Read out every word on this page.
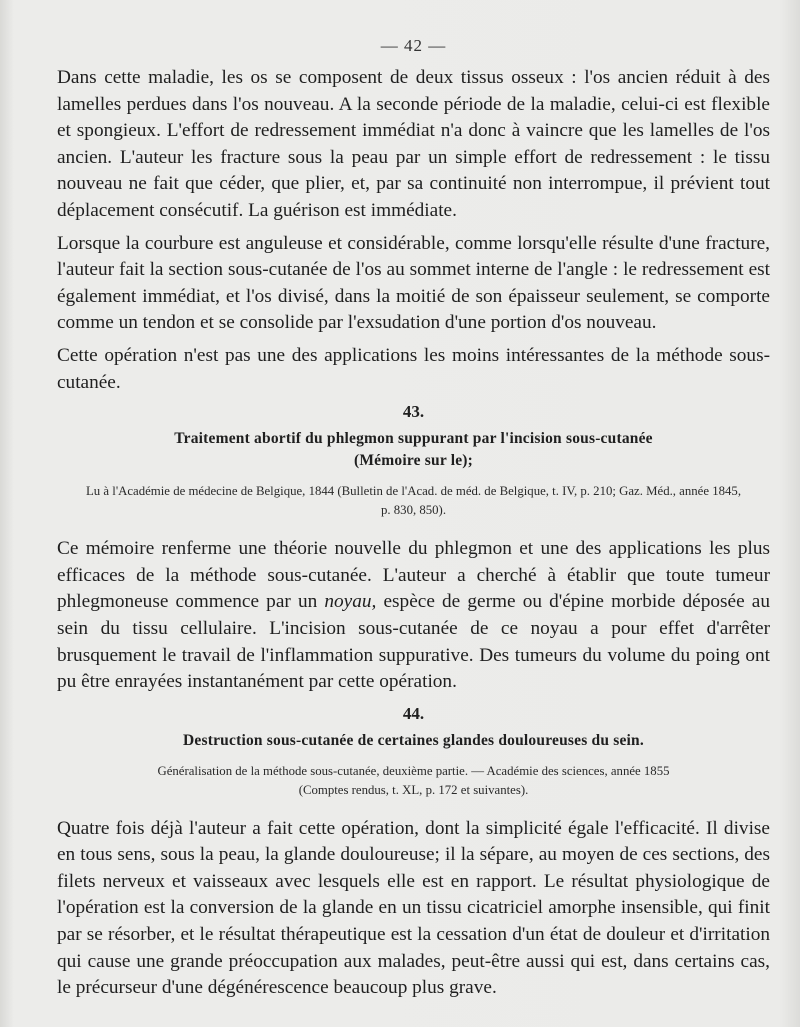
— 42 —

Dans cette maladie, les os se composent de deux tissus osseux : l'os ancien réduit à des lamelles perdues dans l'os nouveau. A la seconde période de la maladie, celui-ci est flexible et spongieux. L'effort de redressement immédiat n'a donc à vaincre que les lamelles de l'os ancien. L'auteur les fracture sous la peau par un simple effort de redressement : le tissu nouveau ne fait que céder, que plier, et, par sa continuité non interrompue, il prévient tout déplacement consécutif. La guérison est immédiate.

Lorsque la courbure est anguleuse et considérable, comme lorsqu'elle résulte d'une fracture, l'auteur fait la section sous-cutanée de l'os au sommet interne de l'angle : le redressement est également immédiat, et l'os divisé, dans la moitié de son épaisseur seulement, se comporte comme un tendon et se consolide par l'exsudation d'une portion d'os nouveau.

Cette opération n'est pas une des applications les moins intéressantes de la méthode sous-cutanée.

43.
Traitement abortif du phlegmon suppurant par l'incision sous-cutanée
(Mémoire sur le);
Lu à l'Académie de médecine de Belgique, 1844 (Bulletin de l'Acad. de méd. de Belgique, t. IV, p. 210; Gaz. Méd., année 1845,
p. 830, 850).

Ce mémoire renferme une théorie nouvelle du phlegmon et une des applications les plus efficaces de la méthode sous-cutanée. L'auteur a cherché à établir que toute tumeur phlegmoneuse commence par un noyau, espèce de germe ou d'épine morbide déposée au sein du tissu cellulaire. L'incision sous-cutanée de ce noyau a pour effet d'arrêter brusquement le travail de l'inflammation suppurative. Des tumeurs du volume du poing ont pu être enrayées instantanément par cette opération.

44.
Destruction sous-cutanée de certaines glandes douloureuses du sein.
Généralisation de la méthode sous-cutanée, deuxième partie. — Académie des sciences, année 1855
(Comptes rendus, t. XL, p. 172 et suivantes).

Quatre fois déjà l'auteur a fait cette opération, dont la simplicité égale l'efficacité. Il divise en tous sens, sous la peau, la glande douloureuse; il la sépare, au moyen de ces sections, des filets nerveux et vaisseaux avec lesquels elle est en rapport. Le résultat physiologique de l'opération est la conversion de la glande en un tissu cicatriciel amorphe insensible, qui finit par se résorber, et le résultat thérapeutique est la cessation d'un état de douleur et d'irritation qui cause une grande préoccupation aux malades, peut-être aussi qui est, dans certains cas, le précurseur d'une dégénérescence beaucoup plus grave.
